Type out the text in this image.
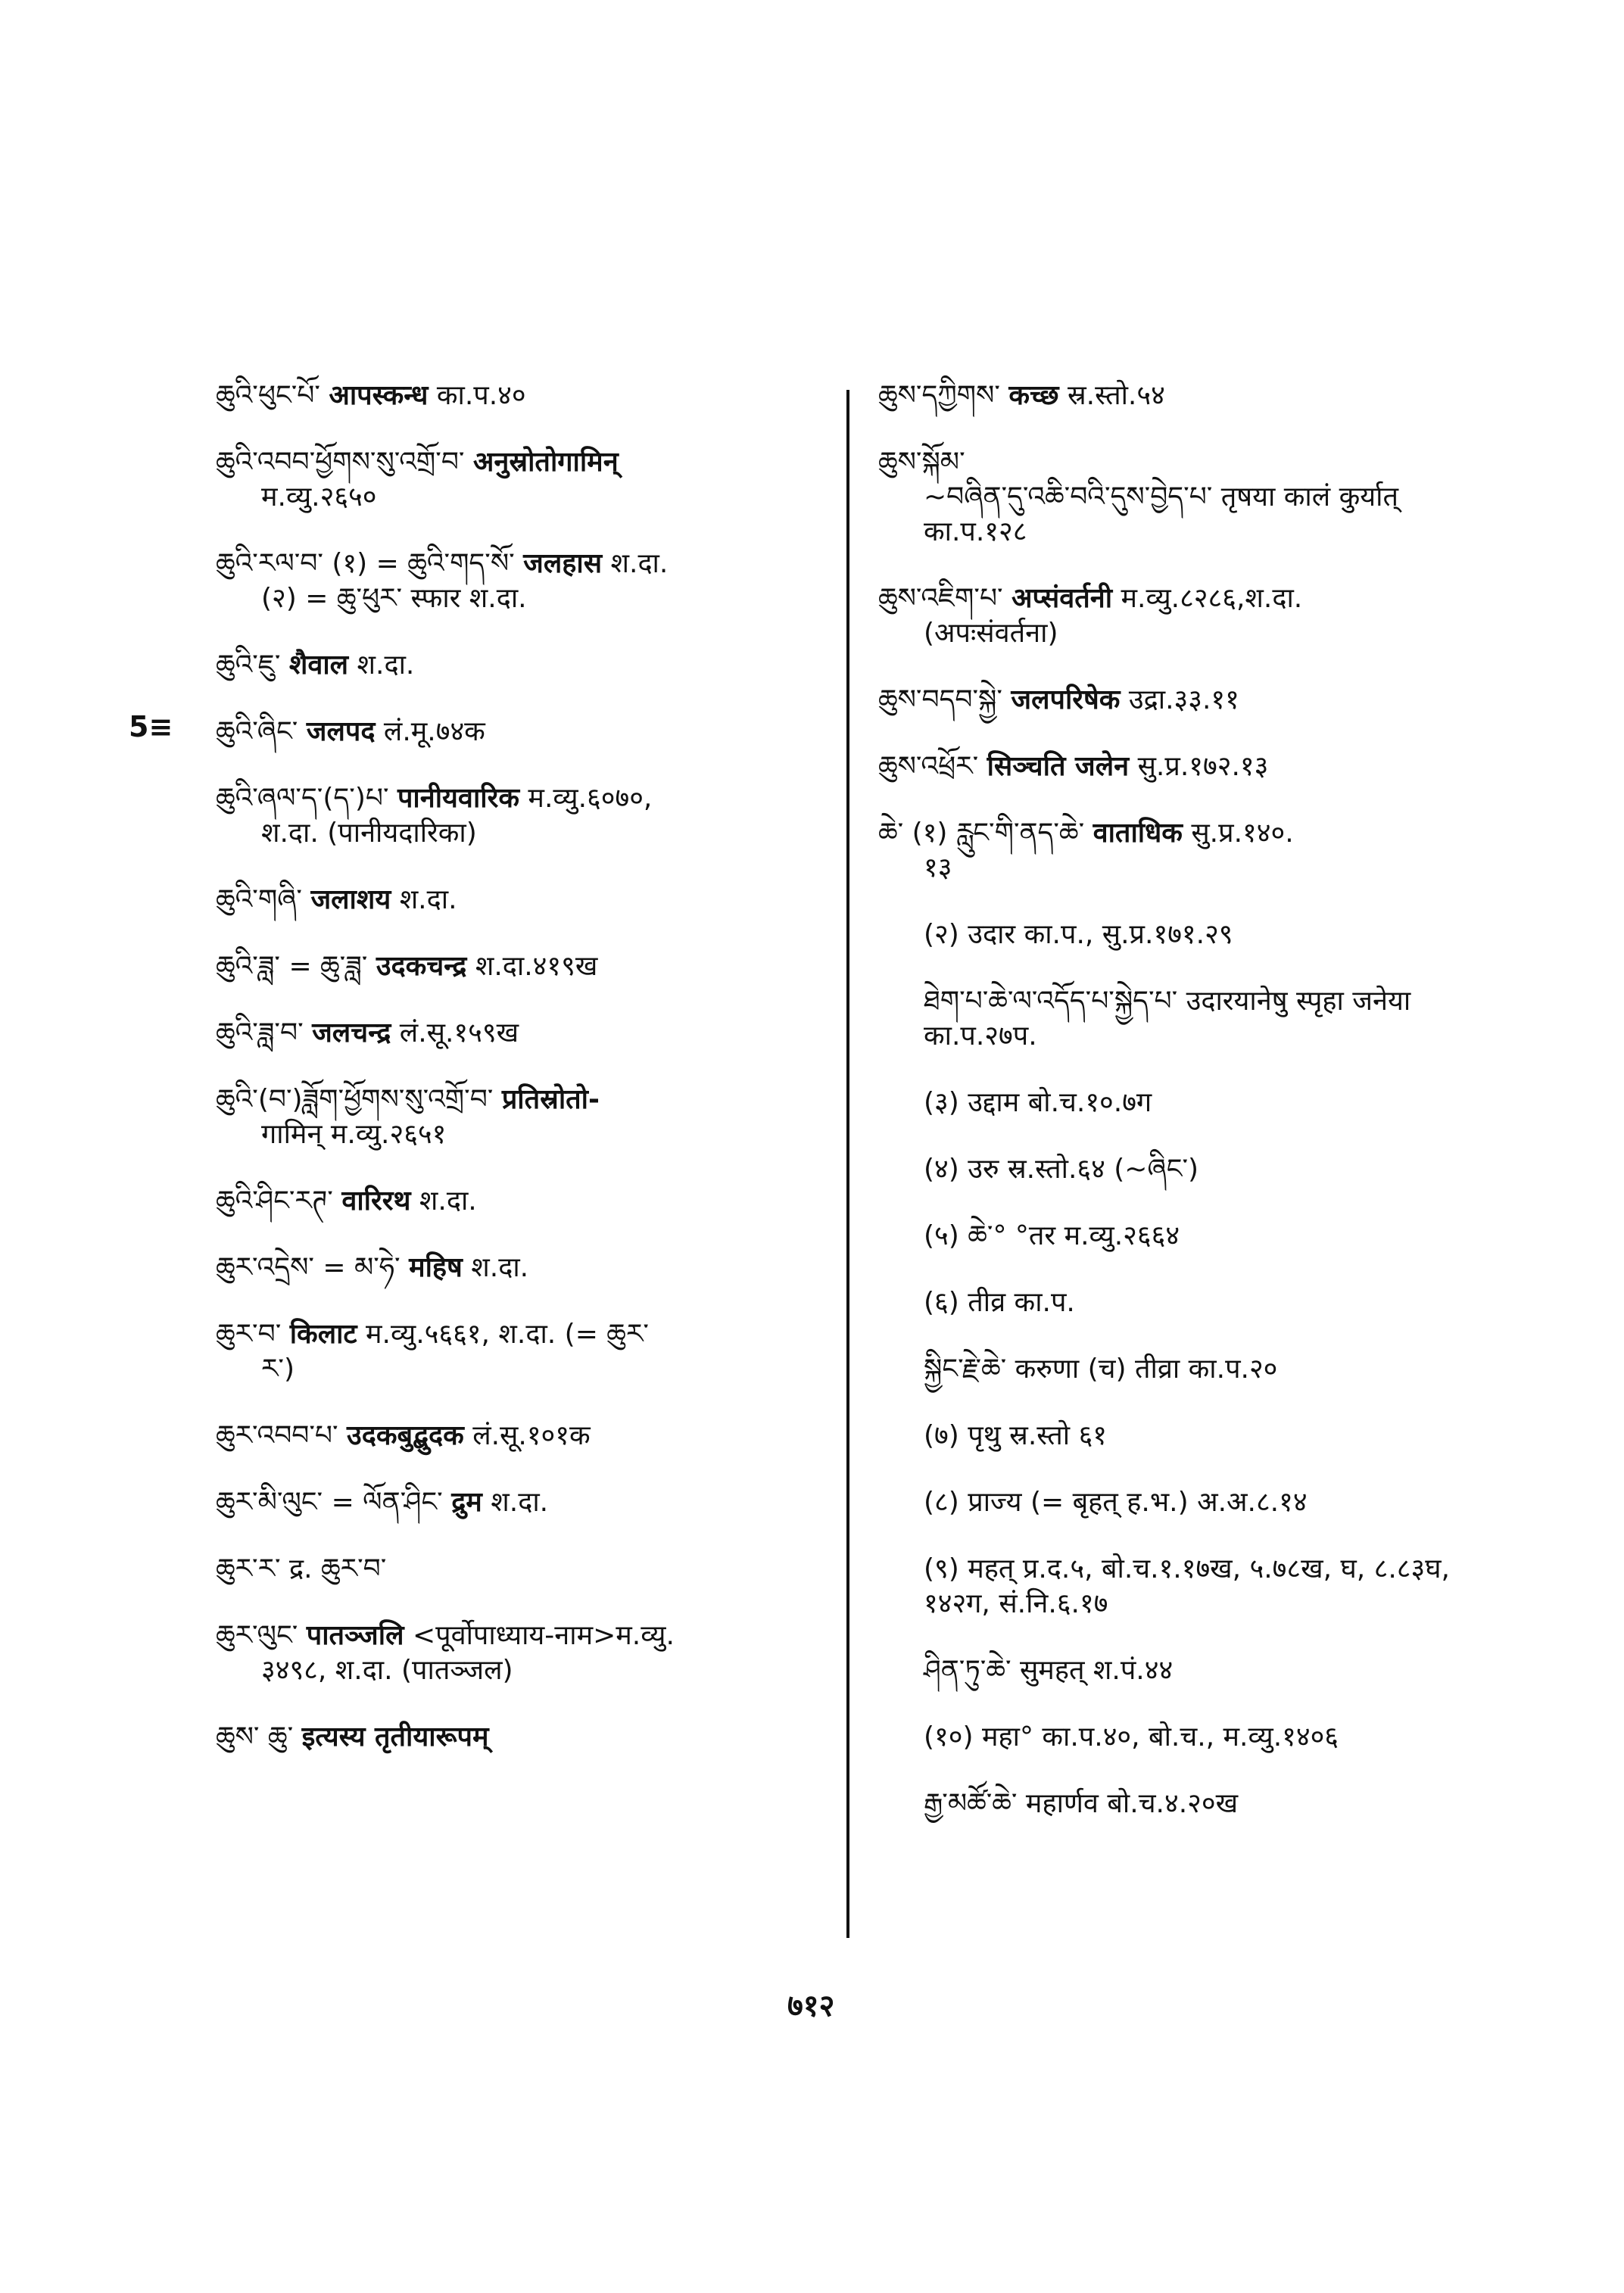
5≡
ཆུའི་ཕུང་པོ་ आपस्कन्ध का.प.४०
ཆུའི་འབབ་ཕྱོགས་སུ་འགྲོ་བ་ अनुस्रोतोगामिन्
म.व्यु.२६५०
ཆུའི་རལ་བ་ (१) = ཆུའི་གད་སོ་ जलहास श.दा.
(२) = ཆུ་ཕུར་ स्फार श.दा.
ཆུའི་ཇུ་ शैवाल श.दा.
ཆུའི་ཞིང་ जलपद लं.मू.७४क
ཆུའི་ཞལ་ད་(ད་)པ་ पानीयवारिक म.व्यु.६०७०,
श.दा. (पानीयदारिका)
ཆུའི་གཞི་ जलाशय श.दा.
ཆུའི་ཟླ་ = ཆུ་ཟླ་ उदकचन्द्र श.दा.४१९ख
ཆུའི་ཟླ་བ་ जलचन्द्र लं.सू.१५९ख
ཆུའི་(བ་)ཟློག་ཕྱོགས་སུ་འགྲོ་བ་ प्रतिस्रोतो-
गामिन् म.व्यु.२६५१
ཆུའི་ཤིང་རཊ་ वारिरथ श.दा.
ཆུར་འདྲེས་ = མ་ཧེ་ महिष श.दा.
ཆུར་བ་ किलाट म.व्यु.५६६१, श.दा. (= ཆུར་
ར་)
ཆུར་འབབ་པ་ उदकबुद्बुदक लं.सू.१०१क
ཆུར་མི་ལུང་ = ལོན་ཤིང་ द्रुम श.दा.
ཆུར་ར་ द्र. ཆུར་བ་
ཆུར་ལུང་ पातञ्जलि <पूर्वोपाध्याय-नाम>म.व्यु.
३४९८, श.दा. (पातञ्जल)
ཆུས་ ཆུ་ इत्यस्य तृतीयारूपम्
ཆུས་དཀྱིགས་ कच्छ स्र.स्तो.५४
ཆུས་སྐོམ་
~བཞིན་དུ་འཆི་བའི་དུས་བྱེད་པ་ तृषया कालं कुर्यात् का.प.१२८
ཆུས་འཇིག་པ་ अप्संवर्तनी म.व्यु.८२८६,श.दा.
(अपःसंवर्तना)
ཆུས་བདབ་སྐྱེ་ जलपरिषेक उद्रा.३३.११
ཆུས་འཕྲོར་ सिञ्चति जलेन सु.प्र.१७२.१३
ཆེ་ (१) རླུང་གི་ནད་ཆེ་ वाताधिक सु.प्र.१४०.
१३
(२) उदार का.प., सु.प्र.१७१.२९
ཐེག་པ་ཆེ་ལ་འདོད་པ་སྐྱེད་པ་ उदारयानेषु स्पृहा जनेया का.प.२७प.
(३) उद्दाम बो.च.१०.७ग
(४) उरु स्र.स्तो.६४ (~ཞིང་)
(५) ཆེ་° °तर म.व्यु.२६६४
(६) तीव्र का.प.
སྐྱིང་རྗེ་ཆེ་ करुणा (च) तीव्रा का.प.२०
(७) पृथु स्र.स्तो ६१
(८) प्राज्य (= बृहत् ह.भ.) अ.अ.८.१४
(९) महत् प्र.द.५, बो.च.१.१७ख, ५.७८ख, घ, ८.८३घ, १४२ग, सं.नि.६.१७
ཤིན་ཏུ་ཆེ་ सुमहत् श.पं.४४
(१०) महा° का.प.४०, बो.च., म.व्यु.१४०६
རྒྱ་མཚོ་ཆེ་ महार्णव बो.च.४.२०ख
७१२
